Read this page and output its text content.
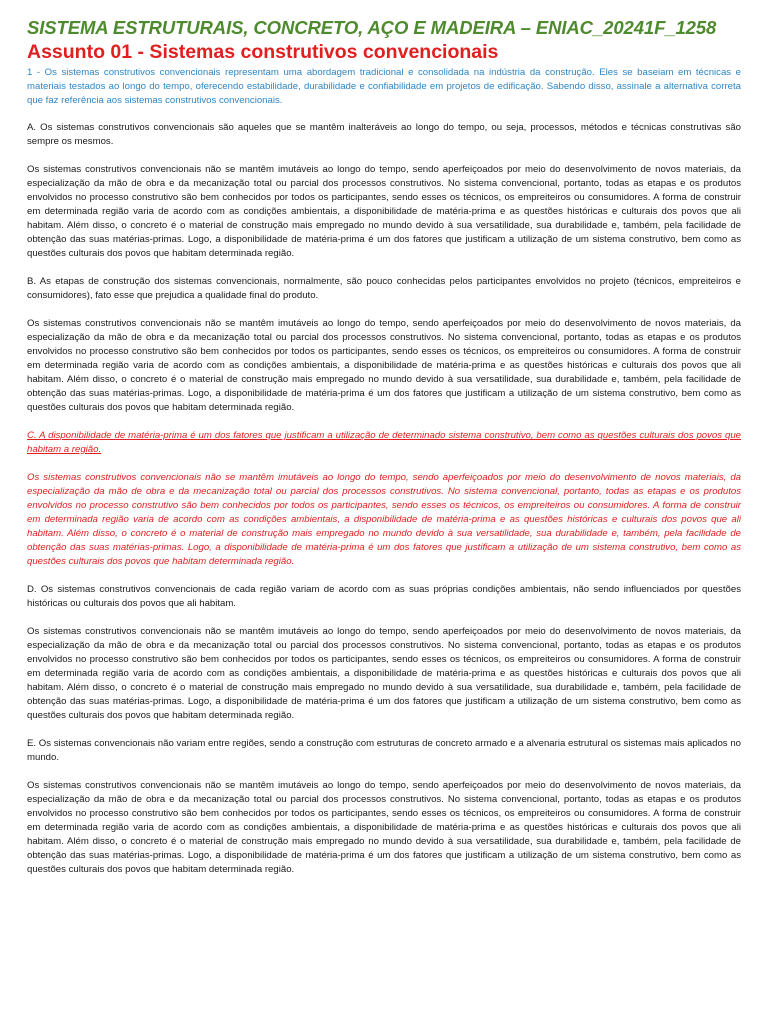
SISTEMA ESTRUTURAIS, CONCRETO, AÇO E MADEIRA – ENIAC_20241F_1258
Assunto 01 - Sistemas construtivos convencionais

1 - Os sistemas construtivos convencionais representam uma abordagem tradicional e consolidada na indústria da construção. Eles se baseiam em técnicas e materiais testados ao longo do tempo, oferecendo estabilidade, durabilidade e confiabilidade em projetos de edificação. Sabendo disso, assinale a alternativa correta que faz referência aos sistemas construtivos convencionais.

A. Os sistemas construtivos convencionais são aqueles que se mantêm inalteráveis ao longo do tempo, ou seja, processos, métodos e técnicas construtivas são sempre os mesmos.

Os sistemas construtivos convencionais não se mantêm imutáveis ao longo do tempo, sendo aperfeiçoados por meio do desenvolvimento de novos materiais, da especialização da mão de obra e da mecanização total ou parcial dos processos construtivos. No sistema convencional, portanto, todas as etapas e os produtos envolvidos no processo construtivo são bem conhecidos por todos os participantes, sendo esses os técnicos, os empreiteiros ou consumidores. A forma de construir em determinada região varia de acordo com as condições ambientais, a disponibilidade de matéria-prima e as questões históricas e culturais dos povos que ali habitam. Além disso, o concreto é o material de construção mais empregado no mundo devido à sua versatilidade, sua durabilidade e, também, pela facilidade de obtenção das suas matérias-primas. Logo, a disponibilidade de matéria-prima é um dos fatores que justificam a utilização de um sistema construtivo, bem como as questões culturais dos povos que habitam determinada região.

B. As etapas de construção dos sistemas convencionais, normalmente, são pouco conhecidas pelos participantes envolvidos no projeto (técnicos, empreiteiros e consumidores), fato esse que prejudica a qualidade final do produto.

Os sistemas construtivos convencionais não se mantêm imutáveis ao longo do tempo, sendo aperfeiçoados por meio do desenvolvimento de novos materiais, da especialização da mão de obra e da mecanização total ou parcial dos processos construtivos. No sistema convencional, portanto, todas as etapas e os produtos envolvidos no processo construtivo são bem conhecidos por todos os participantes, sendo esses os técnicos, os empreiteiros ou consumidores. A forma de construir em determinada região varia de acordo com as condições ambientais, a disponibilidade de matéria-prima e as questões históricas e culturais dos povos que ali habitam. Além disso, o concreto é o material de construção mais empregado no mundo devido à sua versatilidade, sua durabilidade e, também, pela facilidade de obtenção das suas matérias-primas. Logo, a disponibilidade de matéria-prima é um dos fatores que justificam a utilização de um sistema construtivo, bem como as questões culturais dos povos que habitam determinada região.

C. A disponibilidade de matéria-prima é um dos fatores que justificam a utilização de determinado sistema construtivo, bem como as questões culturais dos povos que habitam a região.

Os sistemas construtivos convencionais não se mantêm imutáveis ao longo do tempo, sendo aperfeiçoados por meio do desenvolvimento de novos materiais, da especialização da mão de obra e da mecanização total ou parcial dos processos construtivos. No sistema convencional, portanto, todas as etapas e os produtos envolvidos no processo construtivo são bem conhecidos por todos os participantes, sendo esses os técnicos, os empreiteiros ou consumidores. A forma de construir em determinada região varia de acordo com as condições ambientais, a disponibilidade de matéria-prima e as questões históricas e culturais dos povos que ali habitam. Além disso, o concreto é o material de construção mais empregado no mundo devido à sua versatilidade, sua durabilidade e, também, pela facilidade de obtenção das suas matérias-primas. Logo, a disponibilidade de matéria-prima é um dos fatores que justificam a utilização de um sistema construtivo, bem como as questões culturais dos povos que habitam determinada região.

D. Os sistemas construtivos convencionais de cada região variam de acordo com as suas próprias condições ambientais, não sendo influenciados por questões históricas ou culturais dos povos que ali habitam.

Os sistemas construtivos convencionais não se mantêm imutáveis ao longo do tempo, sendo aperfeiçoados por meio do desenvolvimento de novos materiais, da especialização da mão de obra e da mecanização total ou parcial dos processos construtivos. No sistema convencional, portanto, todas as etapas e os produtos envolvidos no processo construtivo são bem conhecidos por todos os participantes, sendo esses os técnicos, os empreiteiros ou consumidores. A forma de construir em determinada região varia de acordo com as condições ambientais, a disponibilidade de matéria-prima e as questões históricas e culturais dos povos que ali habitam. Além disso, o concreto é o material de construção mais empregado no mundo devido à sua versatilidade, sua durabilidade e, também, pela facilidade de obtenção das suas matérias-primas. Logo, a disponibilidade de matéria-prima é um dos fatores que justificam a utilização de um sistema construtivo, bem como as questões culturais dos povos que habitam determinada região.

E. Os sistemas convencionais não variam entre regiões, sendo a construção com estruturas de concreto armado e a alvenaria estrutural os sistemas mais aplicados no mundo.

Os sistemas construtivos convencionais não se mantêm imutáveis ao longo do tempo, sendo aperfeiçoados por meio do desenvolvimento de novos materiais, da especialização da mão de obra e da mecanização total ou parcial dos processos construtivos. No sistema convencional, portanto, todas as etapas e os produtos envolvidos no processo construtivo são bem conhecidos por todos os participantes, sendo esses os técnicos, os empreiteiros ou consumidores. A forma de construir em determinada região varia de acordo com as condições ambientais, a disponibilidade de matéria-prima e as questões históricas e culturais dos povos que ali habitam. Além disso, o concreto é o material de construção mais empregado no mundo devido à sua versatilidade, sua durabilidade e, também, pela facilidade de obtenção das suas matérias-primas. Logo, a disponibilidade de matéria-prima é um dos fatores que justificam a utilização de um sistema construtivo, bem como as questões culturais dos povos que habitam determinada região.
